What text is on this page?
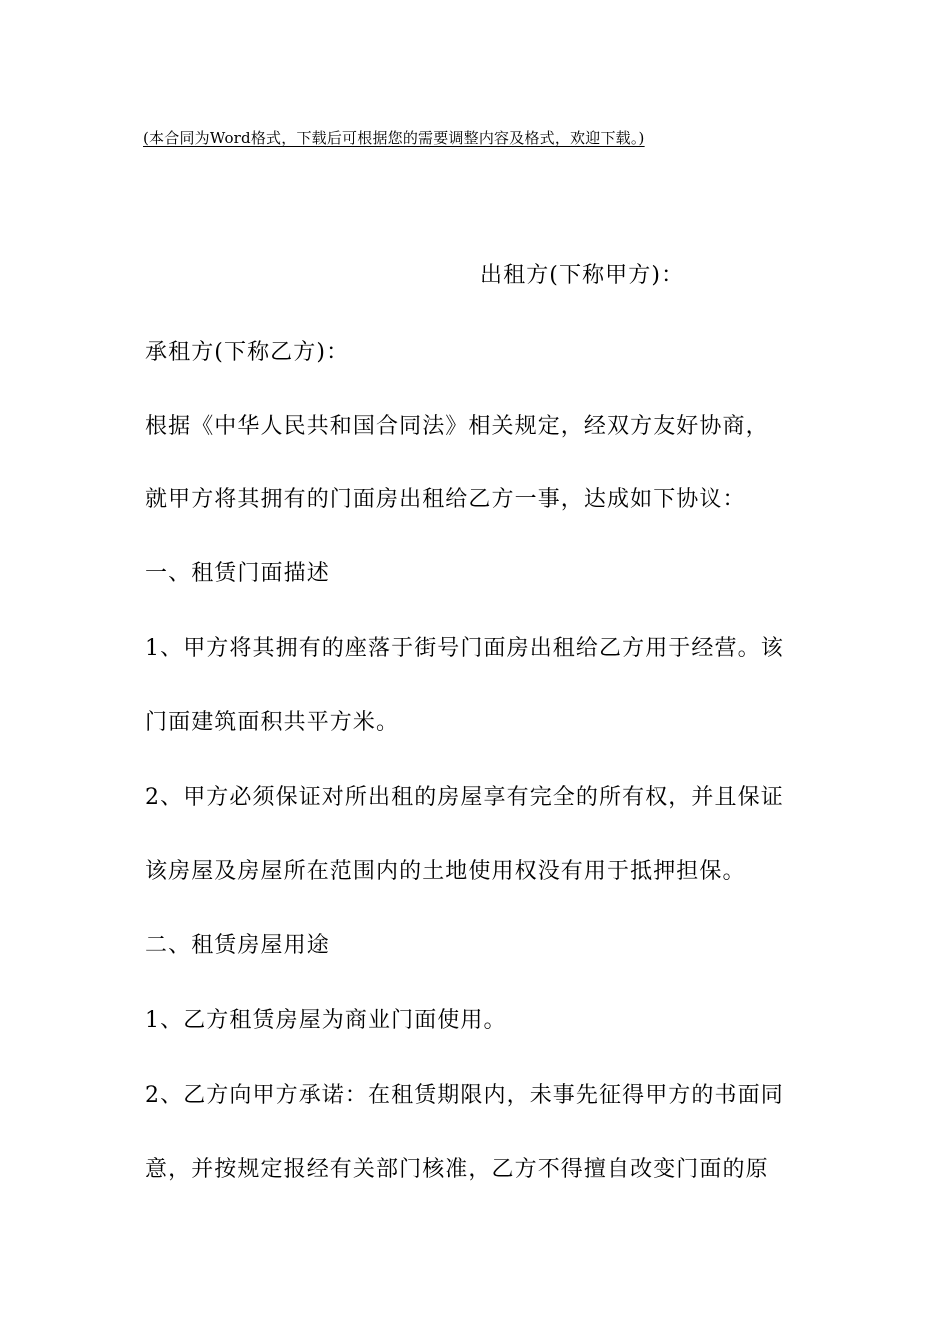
(本合同为Word格式，下载后可根据您的需要调整内容及格式，欢迎下载。)
出租方(下称甲方)：
承租方(下称乙方)：
根据《中华人民共和国合同法》相关规定，经双方友好协商，
就甲方将其拥有的门面房出租给乙方一事，达成如下协议：
一、租赁门面描述
1、甲方将其拥有的座落于街号门面房出租给乙方用于经营。该
门面建筑面积共平方米。
2、甲方必须保证对所出租的房屋享有完全的所有权，并且保证
该房屋及房屋所在范围内的土地使用权没有用于抵押担保。
二、租赁房屋用途
1、乙方租赁房屋为商业门面使用。
2、乙方向甲方承诺：在租赁期限内，未事先征得甲方的书面同
意，并按规定报经有关部门核准，乙方不得擅自改变门面的原
